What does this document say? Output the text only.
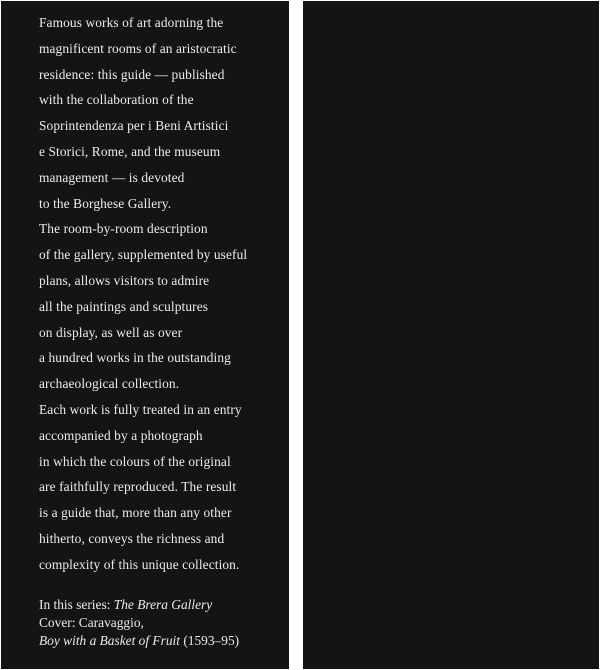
Famous works of art adorning the
magnificent rooms of an aristocratic
residence: this guide — published
with the collaboration of the
Soprintendenza per i Beni Artistici
e Storici, Rome, and the museum
management — is devoted
to the Borghese Gallery.
The room-by-room description
of the gallery, supplemented by useful
plans, allows visitors to admire
all the paintings and sculptures
on display, as well as over
a hundred works in the outstanding
archaeological collection.
Each work is fully treated in an entry
accompanied by a photograph
in which the colours of the original
are faithfully reproduced. The result
is a guide that, more than any other
hitherto, conveys the richness and
complexity of this unique collection.
In this series: The Brera Gallery
Cover: Caravaggio,
Boy with a Basket of Fruit (1593–95)
